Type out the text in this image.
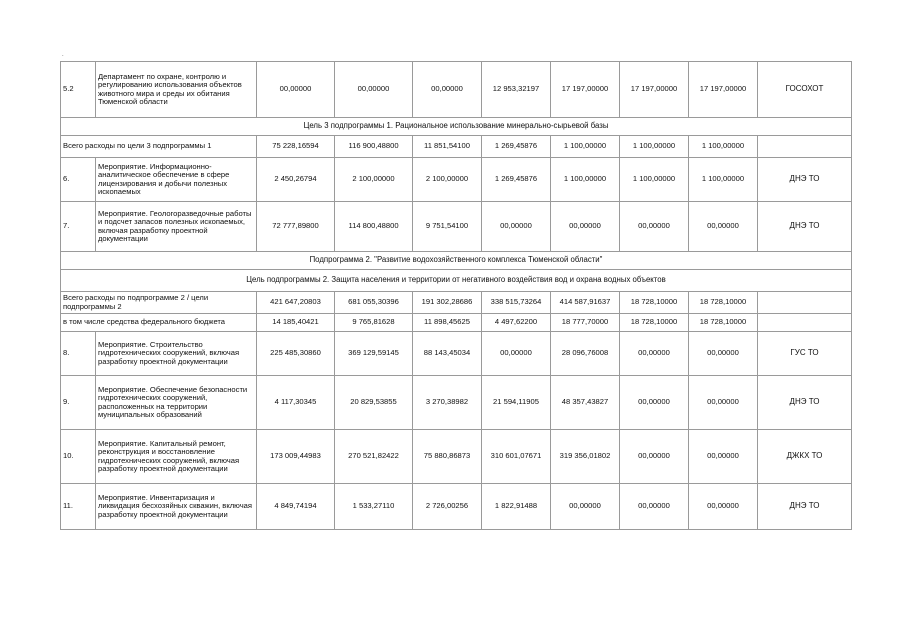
.
5.2	Департамент по охране, контролю и регулированию использования объектов животного мира и среды их обитания Тюменской области	00,00000	00,00000	00,00000	12 953,32197	17 197,00000	17 197,00000	17 197,00000	ГОСОХОТ
Цель 3 подпрограммы 1. Рациональное использование минерально-сырьевой базы									
Всего расходы по цели 3 подпрограммы 1		75 228,16594	116 900,48800	11 851,54100	1 269,45876	1 100,00000	1 100,00000	1 100,00000	
6.	Мероприятие. Информационно-аналитическое обеспечение в сфере лицензирования и добычи полезных ископаемых	2 450,26794	2 100,00000	2 100,00000	1 269,45876	1 100,00000	1 100,00000	1 100,00000	ДНЭ ТО
7.	Мероприятие. Геологоразведочные работы и подсчет запасов полезных ископаемых, включая разработку проектной документации	72 777,89800	114 800,48800	9 751,54100	00,00000	00,00000	00,00000	00,00000	ДНЭ ТО
Подпрограмма 2. "Развитие водохозяйственного комплекса Тюменской области"									
Цель подпрограммы 2. Защита населения и территории от негативного воздействия вод и охрана водных объектов									
Всего расходы по подпрограмме 2 / цели подпрограммы 2		421 647,20803	681 055,30396	191 302,28686	338 515,73264	414 587,91637	18 728,10000	18 728,10000	
в том числе средства федерального бюджета		14 185,40421	9 765,81628	11 898,45625	4 497,62200	18 777,70000	18 728,10000	18 728,10000	
8.	Мероприятие. Строительство гидротехнических сооружений, включая разработку проектной документации	225 485,30860	369 129,59145	88 143,45034	00,00000	28 096,76008	00,00000	00,00000	ГУС ТО
9.	Мероприятие. Обеспечение безопасности гидротехнических сооружений, расположенных на территории муниципальных образований	4 117,30345	20 829,53855	3 270,38982	21 594,11905	48 357,43827	00,00000	00,00000	ДНЭ ТО
10.	Мероприятие. Капитальный ремонт, реконструкция и восстановление гидротехнических сооружений, включая разработку проектной документации	173 009,44983	270 521,82422	75 880,86873	310 601,07671	319 356,01802	00,00000	00,00000	ДЖКХ ТО
11.	Мероприятие. Инвентаризация и ликвидация бесхозяйных скважин, включая разработку проектной документации	4 849,74194	1 533,27110	2 726,00256	1 822,91488	00,00000	00,00000	00,00000	ДНЭ ТО
